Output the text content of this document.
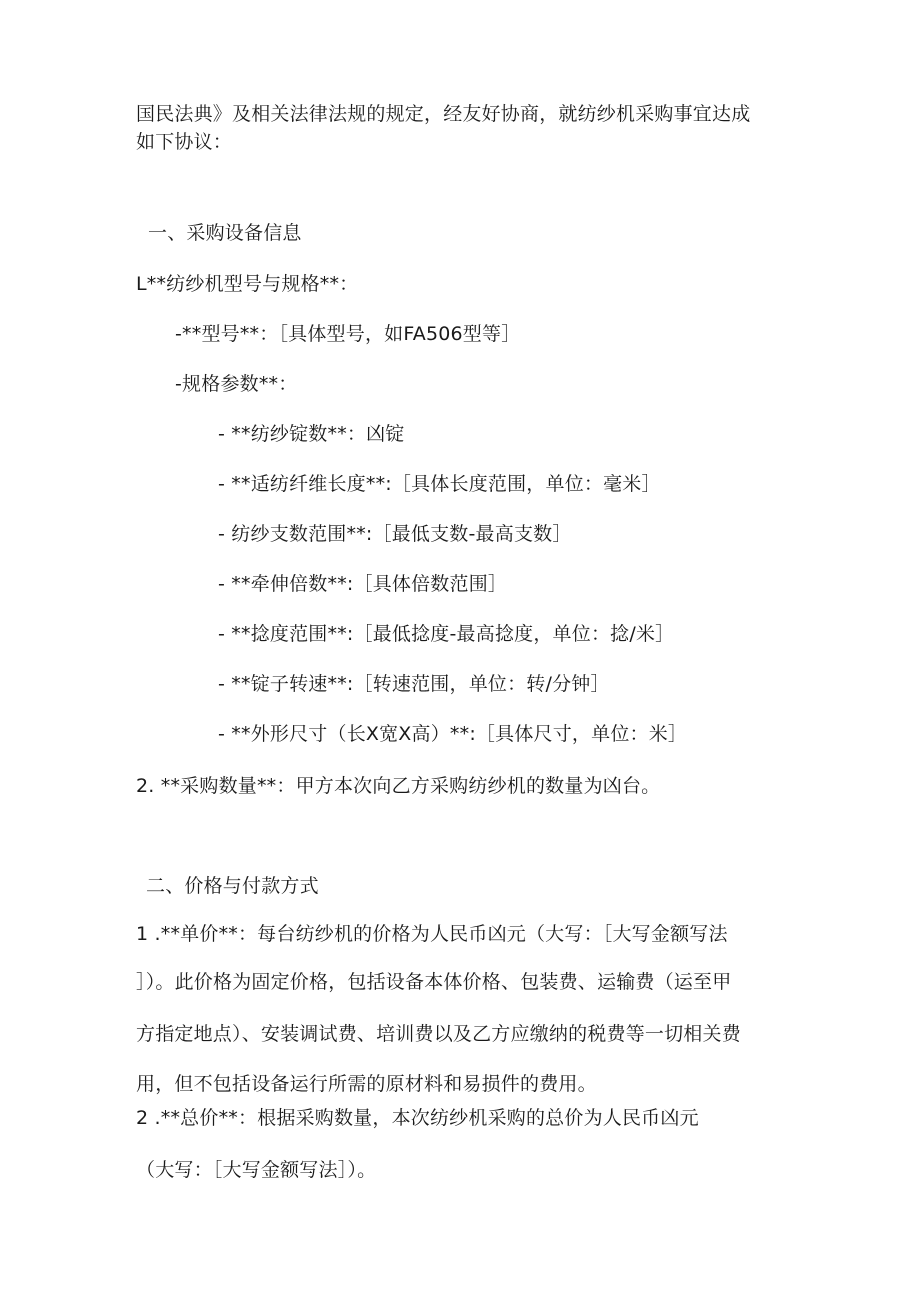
国民法典》及相关法律法规的规定，经友好协商，就纺纱机采购事宜达成
如下协议：
一、采购设备信息
L**纺纱机型号与规格**：
-**型号**：［具体型号，如FA506型等］
-规格参数**：
- **纺纱锭数**：凶锭
- **适纺纤维长度**:［具体长度范围，单位：毫米］
- 纺纱支数范围**:［最低支数-最高支数］
- **牵伸倍数**:［具体倍数范围］
- **捻度范围**:［最低捻度-最高捻度，单位：捻/米］
- **锭子转速**:［转速范围，单位：转/分钟］
- **外形尺寸（长X宽X高）**:［具体尺寸，单位：米］
2. **采购数量**：甲方本次向乙方采购纺纱机的数量为凶台。
二、价格与付款方式
1 .**单价**：每台纺纱机的价格为人民币凶元（大写：［大写金额写法
］）。此价格为固定价格，包括设备本体价格、包装费、运输费（运至甲
方指定地点）、安装调试费、培训费以及乙方应缴纳的税费等一切相关费
用，但不包括设备运行所需的原材料和易损件的费用。
2 .**总价**：根据采购数量，本次纺纱机采购的总价为人民币凶元
（大写：［大写金额写法］）。
